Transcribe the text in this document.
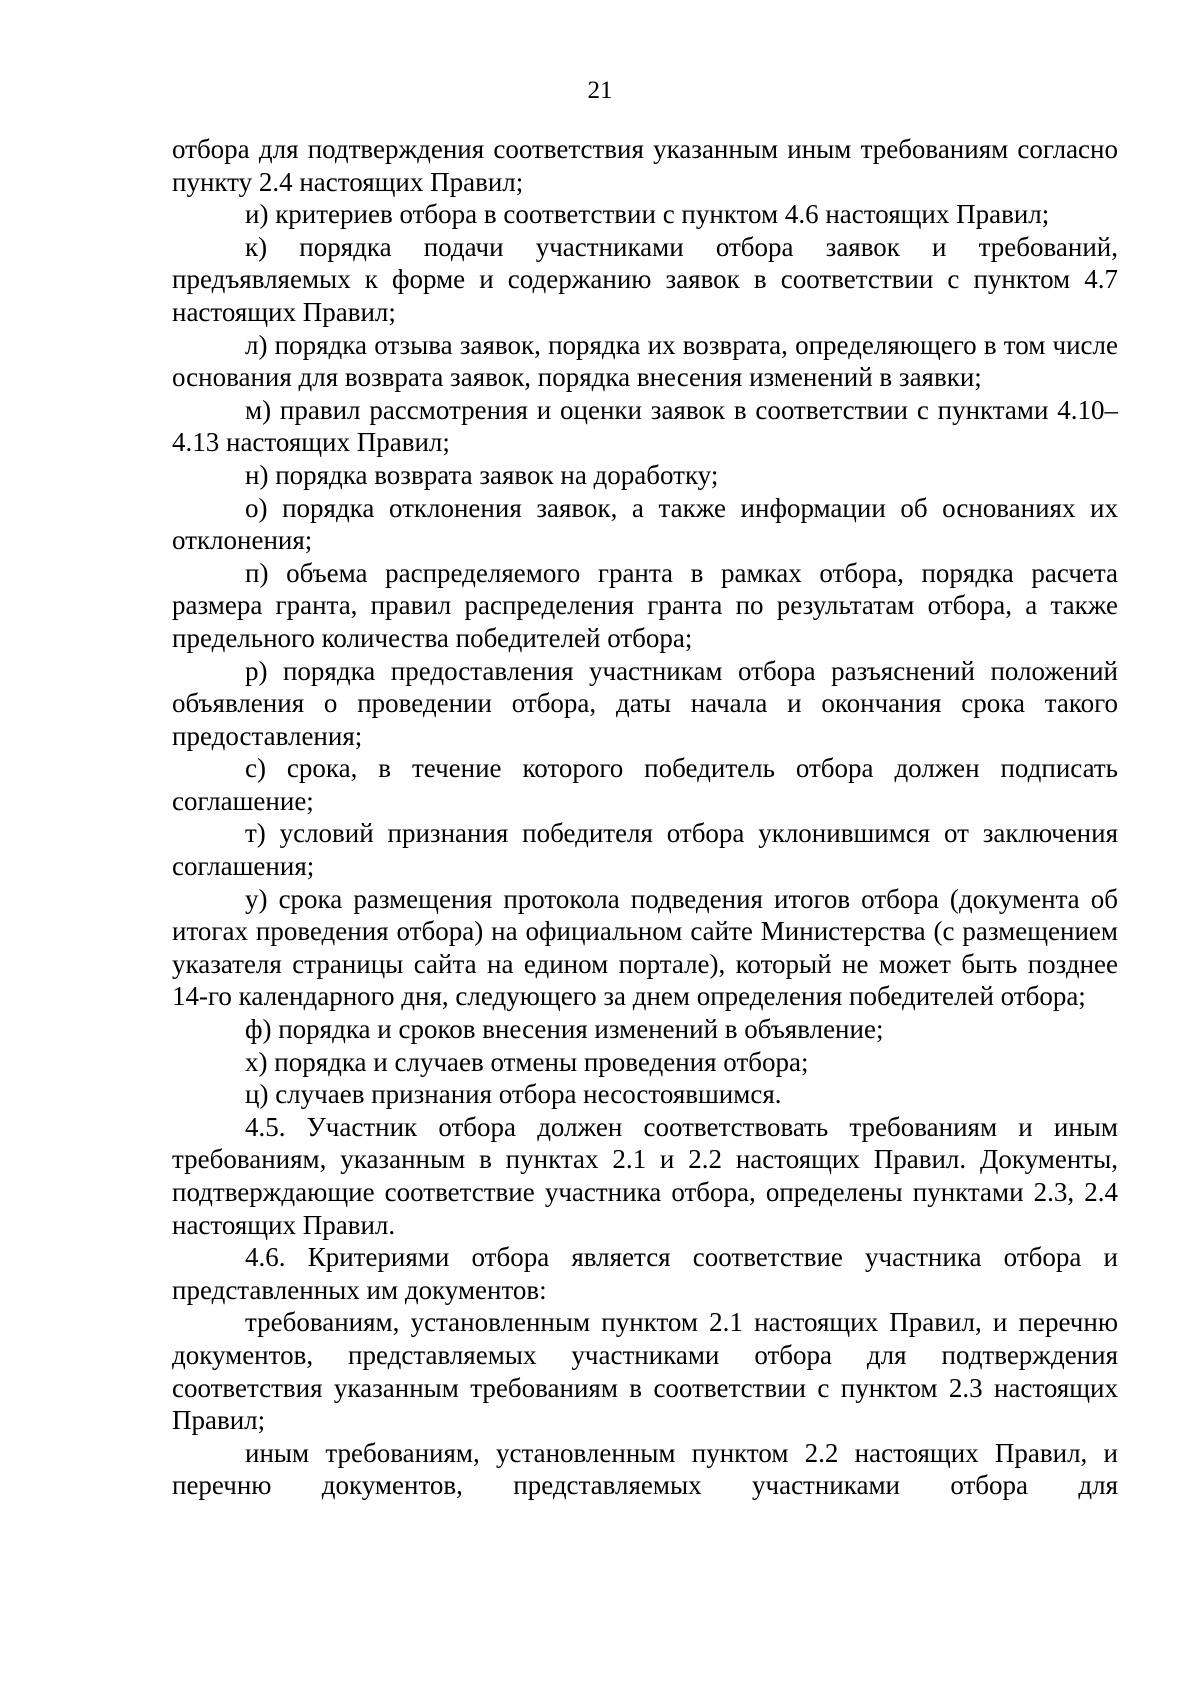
21

отбора для подтверждения соответствия указанным иным требованиям согласно пункту 2.4 настоящих Правил;

и) критериев отбора в соответствии с пунктом 4.6 настоящих Правил;

к) порядка подачи участниками отбора заявок и требований, предъявляемых к форме и содержанию заявок в соответствии с пунктом 4.7 настоящих Правил;

л) порядка отзыва заявок, порядка их возврата, определяющего в том числе основания для возврата заявок, порядка внесения изменений в заявки;

м) правил рассмотрения и оценки заявок в соответствии с пунктами 4.10–4.13 настоящих Правил;

н) порядка возврата заявок на доработку;

о) порядка отклонения заявок, а также информации об основаниях их отклонения;

п) объема распределяемого гранта в рамках отбора, порядка расчета размера гранта, правил распределения гранта по результатам отбора, а также предельного количества победителей отбора;

р) порядка предоставления участникам отбора разъяснений положений объявления о проведении отбора, даты начала и окончания срока такого предоставления;

с) срока, в течение которого победитель отбора должен подписать соглашение;

т) условий признания победителя отбора уклонившимся от заключения соглашения;

у) срока размещения протокола подведения итогов отбора (документа об итогах проведения отбора) на официальном сайте Министерства (с размещением указателя страницы сайта на едином портале), который не может быть позднее 14-го календарного дня, следующего за днем определения победителей отбора;

ф) порядка и сроков внесения изменений в объявление;

х) порядка и случаев отмены проведения отбора;

ц) случаев признания отбора несостоявшимся.

4.5. Участник отбора должен соответствовать требованиям и иным требованиям, указанным в пунктах 2.1 и 2.2 настоящих Правил. Документы, подтверждающие соответствие участника отбора, определены пунктами 2.3, 2.4 настоящих Правил.

4.6. Критериями отбора является соответствие участника отбора и представленных им документов:

требованиям, установленным пунктом 2.1 настоящих Правил, и перечню документов, представляемых участниками отбора для подтверждения соответствия указанным требованиям в соответствии с пунктом 2.3 настоящих Правил;

иным требованиям, установленным пунктом 2.2 настоящих Правил, и перечню документов, представляемых участниками отбора для
